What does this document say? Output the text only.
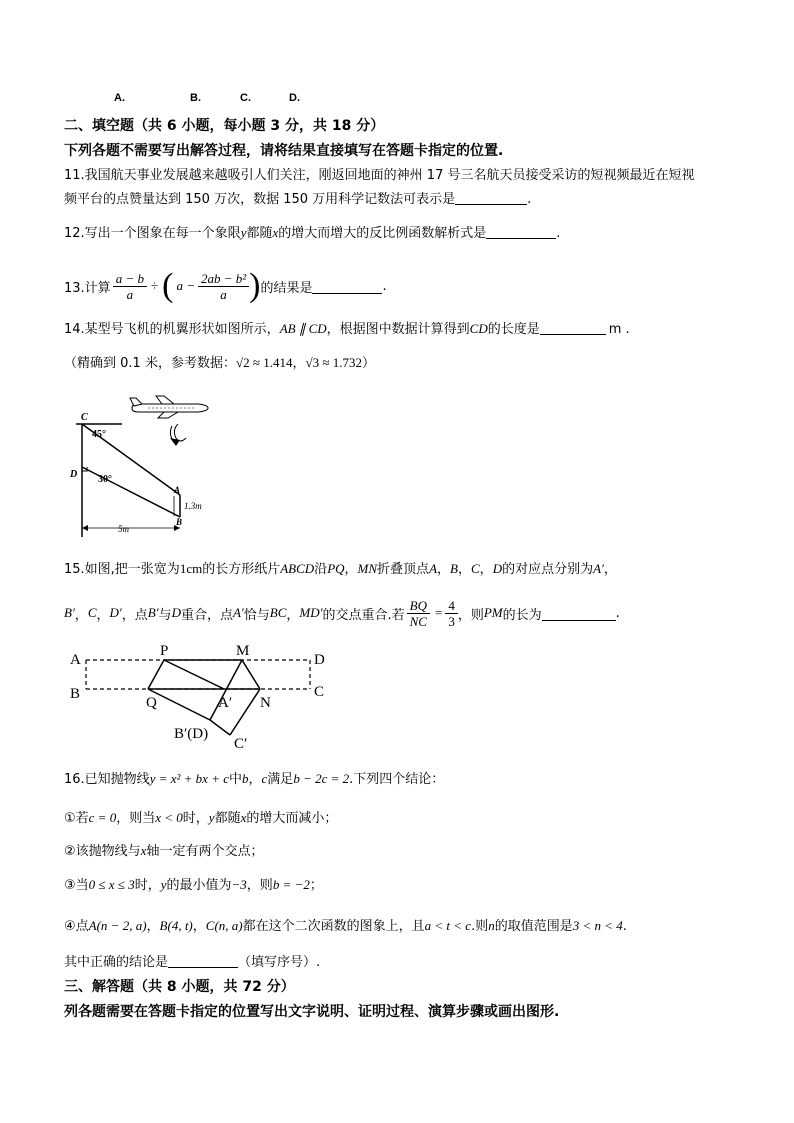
A.	B.	C.	D.
二、填空题（共 6 小题，每小题 3 分，共 18 分）
下列各题不需要写出解答过程，请将结果直接填写在答题卡指定的位置.
11.我国航天事业发展越来越吸引人们关注，刚返回地面的神州 17 号三名航天员接受采访的短视频最近在短视
频平台的点赞量达到 150 万次，数据 150 万用科学记数法可表示是	.
12.写出一个图象在每一个象限y都随x的增大而增大的反比例函数解析式是	.
13.计算 $\frac{a - b}{a}$ ÷ ( $a - \frac{\text{2ab − b²}}{a}$ ) 的结果是	.
14.某型号飞机的机翼形状如图所示，AB ∥ CD，根据图中数据计算得到CD的长度是	m .
（精确到 0.1 米，参考数据：√2 ≈ 1.414，√3 ≈ 1.732）
C
D
A
B
45°
30°
1.3m
5m
15.如图,把一张宽为1cm的长方形纸片ABCD沿PQ，MN折叠顶点A，B，C，D的对应点分别为A′，
B′ ， C ， D′ ，点 B′ 与 D 重合，点 A′ 恰与 BC ， MD′ 的交点重合.若 $\frac{BQ}{NC} = \frac{4}{3}$ ，则 PM 的长为	.
A
B
D
C
P	M
Q	N
A′
B′(D)
C′
16.已知抛物线y = x² + bx + c中b，c满足b − 2c = 2.下列四个结论：
①若c = 0，则当x < 0时，y都随x的增大而减小；
②该抛物线与x轴一定有两个交点；
③当0 ≤ x ≤ 3时，y的最小值为−3，则b = −2；
④点A(n − 2, a)，B(4, t)，C(n, a)都在这个二次函数的图象上，且a < t < c.则n的取值范围是3 < n < 4.
其中正确的结论是	（填写序号）.
三、解答题（共 8 小题，共 72 分）
列各题需要在答题卡指定的位置写出文字说明、证明过程、演算步骤或画出图形.
